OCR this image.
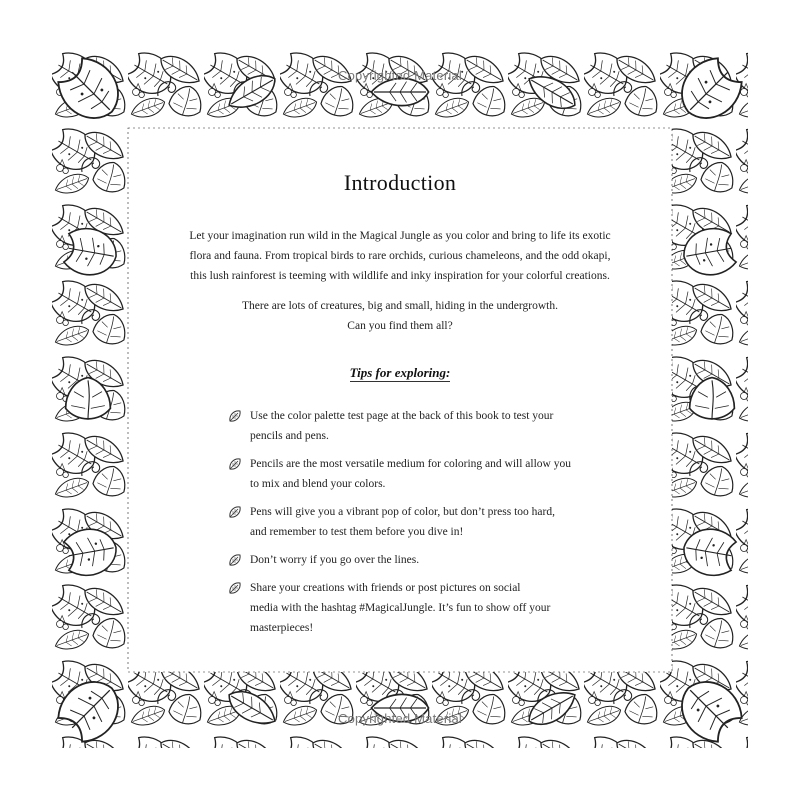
Copyrighted Material
Copyrighted Material
Introduction

Let your imagination run wild in the Magical Jungle as you color and bring to life its exotic
flora and fauna. From tropical birds to rare orchids, curious chameleons, and the odd okapi,
this lush rainforest is teeming with wildlife and inky inspiration for your colorful creations.

There are lots of creatures, big and small, hiding in the undergrowth.
Can you find them all?

Tips for exploring:
Use the color palette test page at the back of this book to test your
pencils and pens.
Pencils are the most versatile medium for coloring and will allow you
to mix and blend your colors.
Pens will give you a vibrant pop of color, but don’t press too hard,
and remember to test them before you dive in!
Don’t worry if you go over the lines.
Share your creations with friends or post pictures on social
media with the hashtag #MagicalJungle. It’s fun to show off your
masterpieces!
